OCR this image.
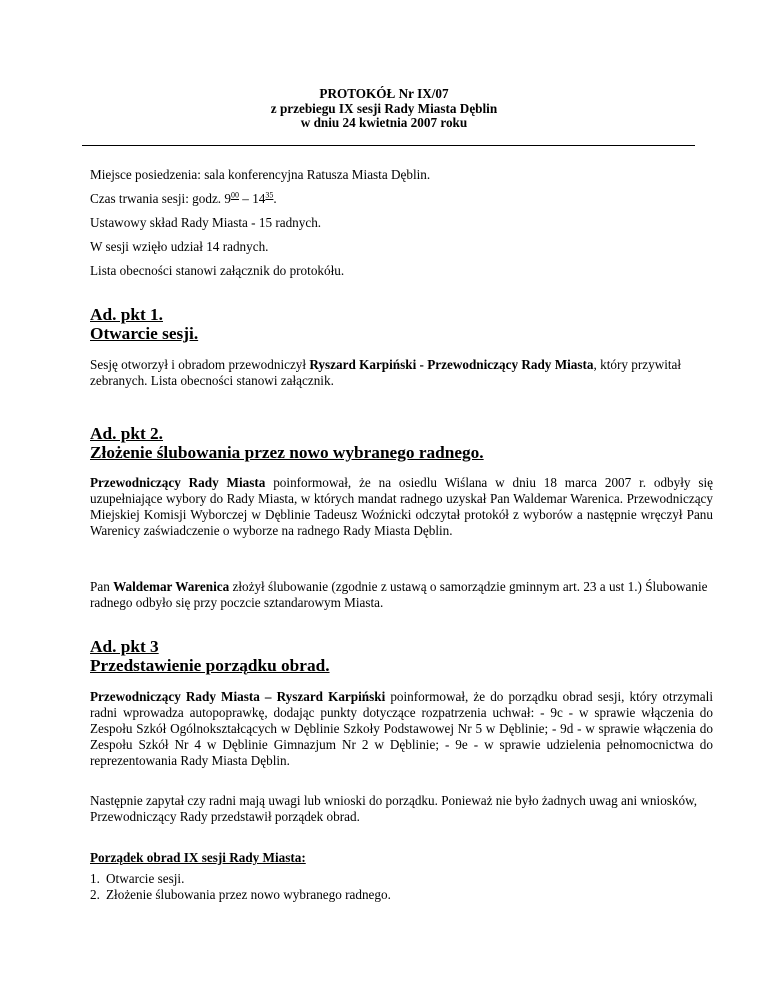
PROTOKÓŁ Nr IX/07
z przebiegu IX sesji Rady Miasta Dęblin
w dniu 24 kwietnia 2007 roku
Miejsce posiedzenia: sala konferencyjna Ratusza Miasta Dęblin.
Czas trwania sesji: godz. $9^{00} - 14^{35}$.
Ustawowy skład Rady Miasta - 15 radnych.
W sesji wzięło udział 14 radnych.
Lista obecności stanowi załącznik do protokółu.
Ad. pkt 1.
Otwarcie sesji.
Sesję otworzył i obradom przewodniczył Ryszard Karpiński - Przewodniczący Rady Miasta, który przywitał zebranych. Lista obecności stanowi załącznik.
Ad. pkt 2.
Złożenie ślubowania przez nowo wybranego radnego.
Przewodniczący Rady Miasta poinformował, że na osiedlu Wiślana w dniu 18 marca 2007 r. odbyły się uzupełniające wybory do Rady Miasta, w których mandat radnego uzyskał Pan Waldemar Warenica. Przewodniczący Miejskiej Komisji Wyborczej w Dęblinie Tadeusz Woźnicki odczytał protokół z wyborów a następnie wręczył Panu Warenicy zaświadczenie o wyborze na radnego Rady Miasta Dęblin.
Pan Waldemar Warenica złożył ślubowanie (zgodnie z ustawą o samorządzie gminnym art. 23 a ust 1.) Ślubowanie radnego odbyło się przy poczcie sztandarowym Miasta.
Ad. pkt 3
Przedstawienie porządku obrad.
Przewodniczący Rady Miasta – Ryszard Karpiński poinformował, że do porządku obrad sesji, który otrzymali radni wprowadza autopoprawkę, dodając punkty dotyczące rozpatrzenia uchwał: - 9c - w sprawie włączenia do Zespołu Szkół Ogólnokształcących w Dęblinie Szkoły Podstawowej Nr 5 w Dęblinie; - 9d - w sprawie włączenia do Zespołu Szkół Nr 4 w Dęblinie Gimnazjum Nr 2 w Dęblinie; - 9e - w sprawie udzielenia pełnomocnictwa do reprezentowania Rady Miasta Dęblin.
Następnie zapytał czy radni mają uwagi lub wnioski do porządku. Ponieważ nie było żadnych uwag ani wniosków, Przewodniczący Rady przedstawił porządek obrad.
Porządek obrad IX sesji Rady Miasta:
1. Otwarcie sesji.
2. Złożenie ślubowania przez nowo wybranego radnego.
